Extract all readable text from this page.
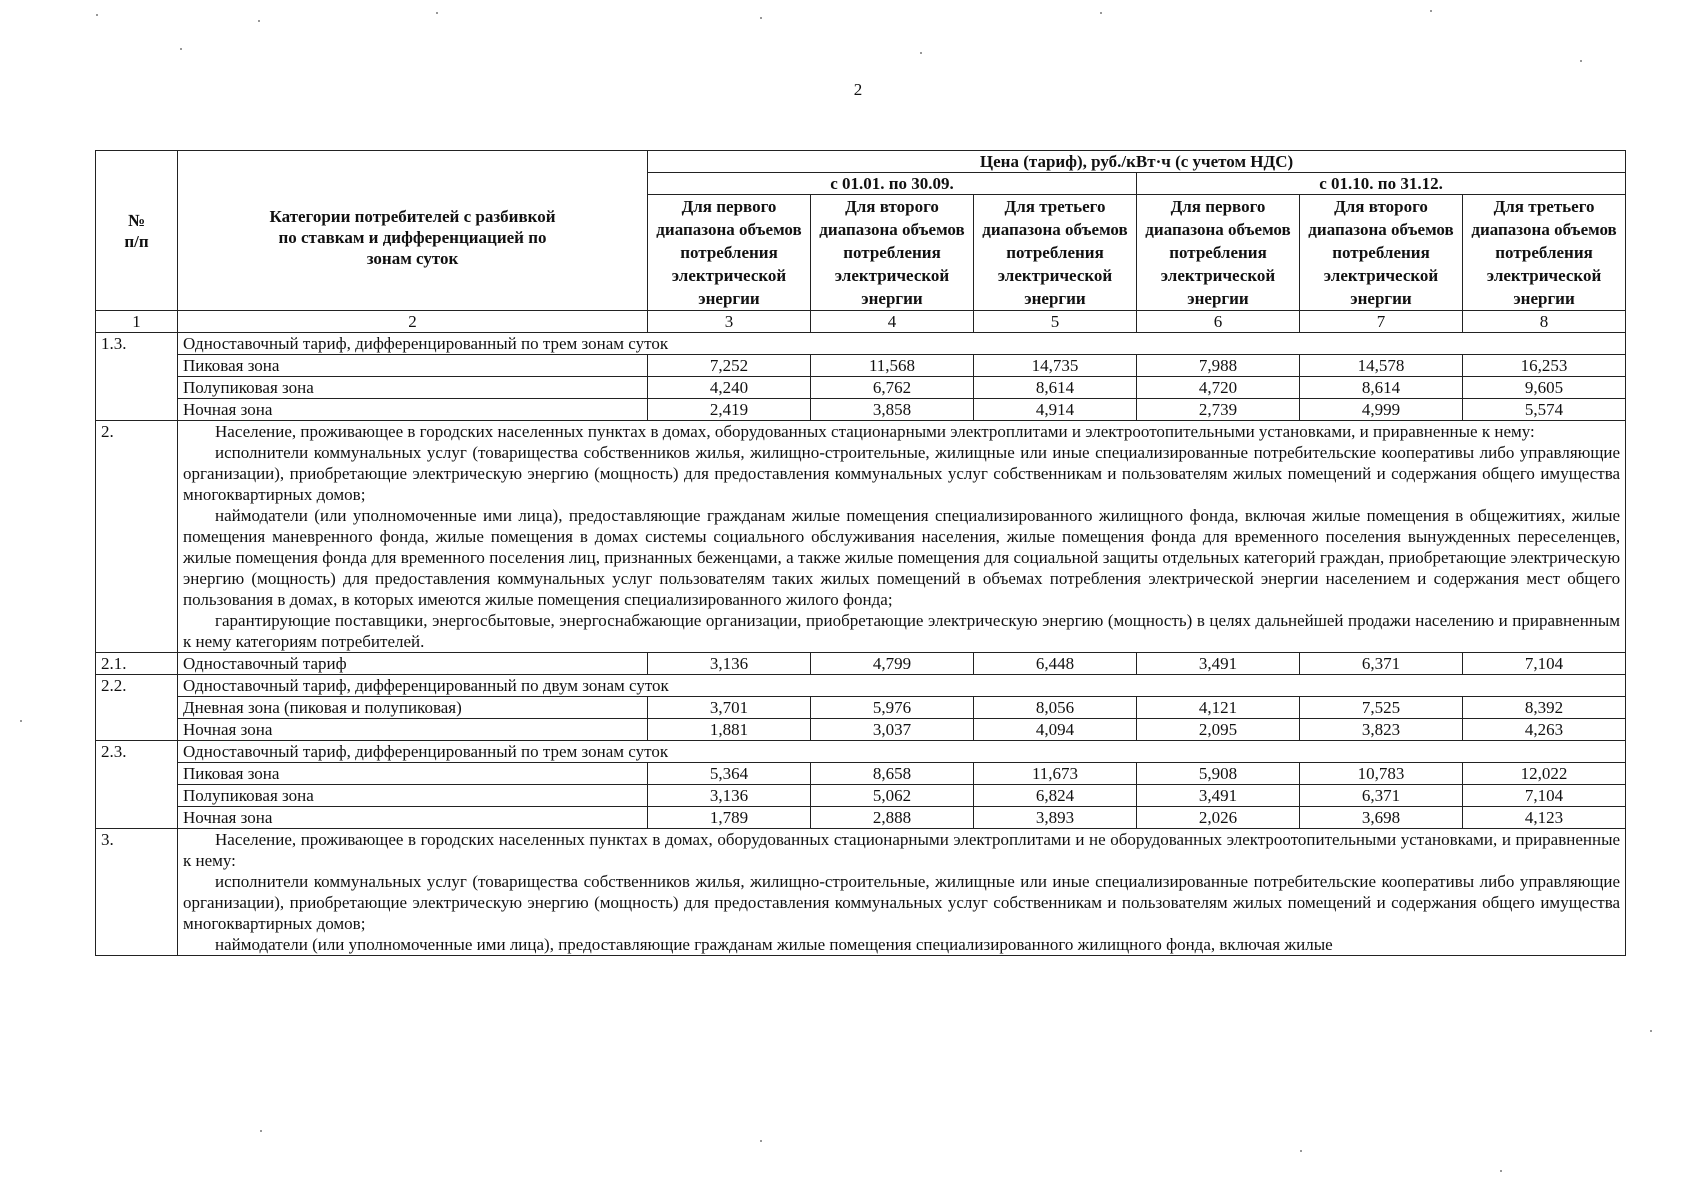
2
№
п/п	Категории потребителей с разбивкой по ставкам и дифференциацией по зонам суток	Цена (тариф), руб./кВт·ч (с учетом НДС)					
		с 01.01. по 30.09.			с 01.10. по 31.12.		
		Для первого диапазона объемов потребления электрической энергии	Для второго диапазона объемов потребления электрической энергии	Для третьего диапазона объемов потребления электрической энергии	Для первого диапазона объемов потребления электрической энергии	Для второго диапазона объемов потребления электрической энергии	Для третьего диапазона объемов потребления электрической энергии
1	2	3	4	5	6	7	8
1.3.	Одноставочный тариф, дифференцированный по трем зонам суток						
	Пиковая зона	7,252	11,568	14,735	7,988	14,578	16,253
	Полупиковая зона	4,240	6,762	8,614	4,720	8,614	9,605
	Ночная зона	2,419	3,858	4,914	2,739	4,999	5,574
2.	Население, проживающее в городских населенных пунктах в домах, оборудованных стационарными электроплитами и электроотопительными установками, и приравненные к нему:

исполнители коммунальных услуг (товарищества собственников жилья, жилищно-строительные, жилищные или иные специализированные потребительские кооперативы либо управляющие организации), приобретающие электрическую энергию (мощность) для предоставления коммунальных услуг собственникам и пользователям жилых помещений и содержания общего имущества многоквартирных домов;

наймодатели (или уполномоченные ими лица), предоставляющие гражданам жилые помещения специализированного жилищного фонда, включая жилые помещения в общежитиях, жилые помещения маневренного фонда, жилые помещения в домах системы социального обслуживания населения, жилые помещения фонда для временного поселения вынужденных переселенцев, жилые помещения фонда для временного поселения лиц, признанных беженцами, а также жилые помещения для социальной защиты отдельных категорий граждан, приобретающие электрическую энергию (мощность) для предоставления коммунальных услуг пользователям таких жилых помещений в объемах потребления электрической энергии населением и содержания мест общего пользования в домах, в которых имеются жилые помещения специализированного жилого фонда;

гарантирующие поставщики, энергосбытовые, энергоснабжающие организации, приобретающие электрическую энергию (мощность) в целях дальнейшей продажи населению и приравненным к нему категориям потребителей.						

2.1.	Одноставочный тариф	3,136	4,799	6,448	3,491	6,371	7,104
2.2.	Одноставочный тариф, дифференцированный по двум зонам суток						
	Дневная зона (пиковая и полупиковая)	3,701	5,976	8,056	4,121	7,525	8,392
	Ночная зона	1,881	3,037	4,094	2,095	3,823	4,263
2.3.	Одноставочный тариф, дифференцированный по трем зонам суток						
	Пиковая зона	5,364	8,658	11,673	5,908	10,783	12,022
	Полупиковая зона	3,136	5,062	6,824	3,491	6,371	7,104
	Ночная зона	1,789	2,888	3,893	2,026	3,698	4,123
3.	Население, проживающее в городских населенных пунктах в домах, оборудованных стационарными электроплитами и не оборудованных электроотопительными установками, и приравненные к нему:

исполнители коммунальных услуг (товарищества собственников жилья, жилищно-строительные, жилищные или иные специализированные потребительские кооперативы либо управляющие организации), приобретающие электрическую энергию (мощность) для предоставления коммунальных услуг собственникам и пользователям жилых помещений и содержания общего имущества многоквартирных домов;

наймодатели (или уполномоченные ими лица), предоставляющие гражданам жилые помещения специализированного жилищного фонда, включая жилые						
